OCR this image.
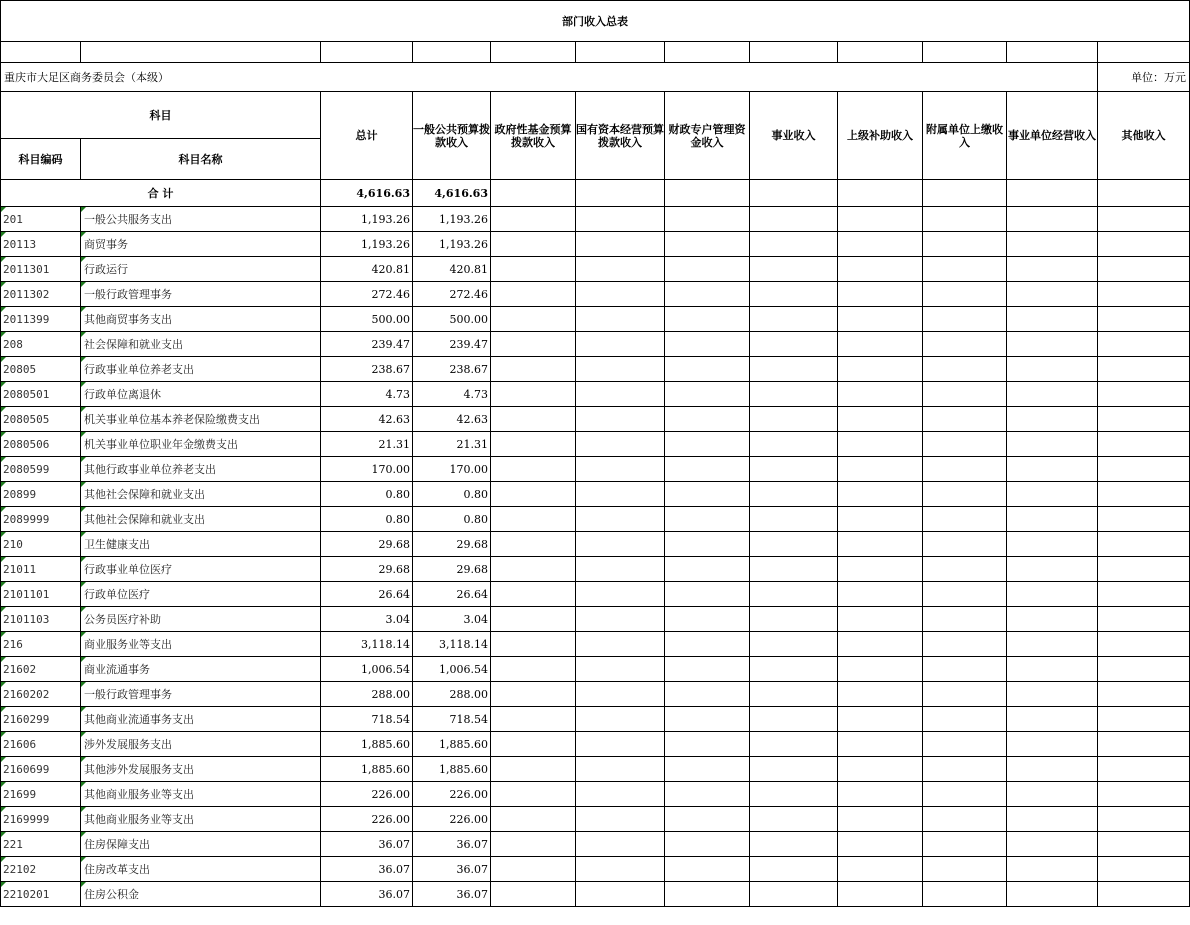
部门收入总表											

重庆市大足区商务委员会（本级）											单位：万元
科目		总计	一般公共预算拨款收入	政府性基金预算拨款收入	国有资本经营预算拨款收入	财政专户管理资金收入	事业收入	上级补助收入	附属单位上缴收入	事业单位经营收入	其他收入
科目编码	科目名称										
合 计		4,616.63	4,616.63								
201	一般公共服务支出	1,193.26	1,193.26								
20113	商贸事务	1,193.26	1,193.26								
2011301	行政运行	420.81	420.81								
2011302	一般行政管理事务	272.46	272.46								
2011399	其他商贸事务支出	500.00	500.00								
208	社会保障和就业支出	239.47	239.47								
20805	行政事业单位养老支出	238.67	238.67								
2080501	行政单位离退休	4.73	4.73								
2080505	机关事业单位基本养老保险缴费支出	42.63	42.63								
2080506	机关事业单位职业年金缴费支出	21.31	21.31								
2080599	其他行政事业单位养老支出	170.00	170.00								
20899	其他社会保障和就业支出	0.80	0.80								
2089999	其他社会保障和就业支出	0.80	0.80								
210	卫生健康支出	29.68	29.68								
21011	行政事业单位医疗	29.68	29.68								
2101101	行政单位医疗	26.64	26.64								
2101103	公务员医疗补助	3.04	3.04								
216	商业服务业等支出	3,118.14	3,118.14								
21602	商业流通事务	1,006.54	1,006.54								
2160202	一般行政管理事务	288.00	288.00								
2160299	其他商业流通事务支出	718.54	718.54								
21606	涉外发展服务支出	1,885.60	1,885.60								
2160699	其他涉外发展服务支出	1,885.60	1,885.60								
21699	其他商业服务业等支出	226.00	226.00								
2169999	其他商业服务业等支出	226.00	226.00								
221	住房保障支出	36.07	36.07								
22102	住房改革支出	36.07	36.07								
2210201	住房公积金	36.07	36.07								
